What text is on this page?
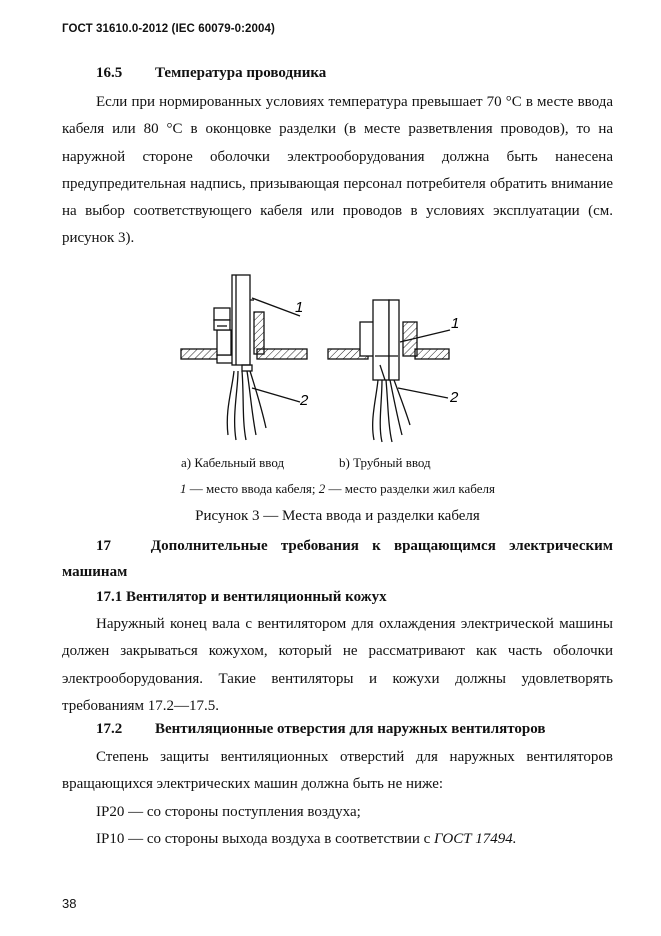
ГОСТ 31610.0-2012 (IEC 60079-0:2004)
16.5 Температура проводника
Если при нормированных условиях температура превышает 70 °С в месте ввода кабеля или 80 °С в оконцовке разделки (в месте разветвления проводов), то на наружной стороне оболочки электрооборудования должна быть нанесена предупредительная надпись, призывающая персонал потребителя обратить внимание на выбор соответствующего кабеля или проводов в условиях эксплуатации (см. рисунок 3).
1
2
1
2
а) Кабельный ввод	b) Трубный ввод
1 — место ввода кабеля; 2 — место разделки жил кабеля
Рисунок 3 — Места ввода и разделки кабеля
17	Дополнительные требования к вращающимся электрическим машинам
17.1 Вентилятор и вентиляционный кожух
Наружный конец вала с вентилятором для охлаждения электрической машины должен закрываться кожухом, который не рассматривают как часть оболочки электрооборудования. Такие вентиляторы и кожухи должны удовлетворять требованиям 17.2—17.5.
17.2 Вентиляционные отверстия для наружных вентиляторов
Степень защиты вентиляционных отверстий для наружных вентиляторов вращающихся электрических машин должна быть не ниже:
IP20 — со стороны поступления воздуха;
IP10 — со стороны выхода воздуха в соответствии с ГОСТ 17494.
38
